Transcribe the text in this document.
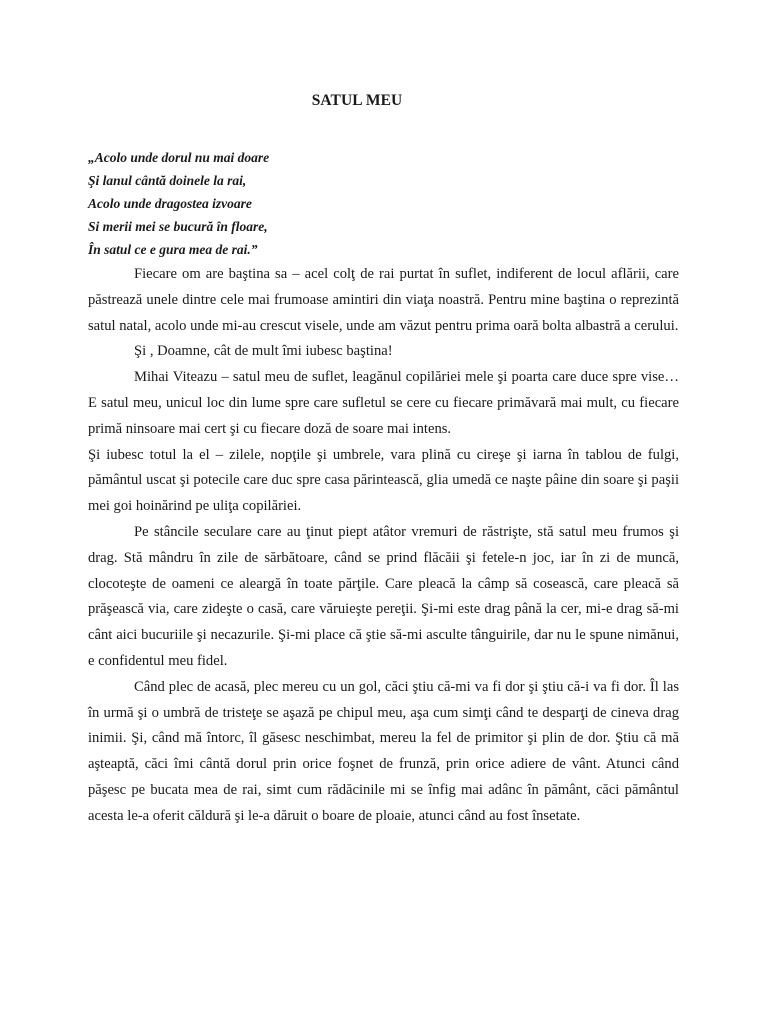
SATUL MEU
„Acolo unde dorul nu mai doare
Şi lanul cântă doinele la rai,
Acolo unde dragostea izvoare
Si merii mei se bucură în floare,
În satul ce e gura mea de rai.”

Fiecare om are baştina sa – acel colţ de rai purtat în suflet, indiferent de locul aflării, care păstrează unele dintre cele mai frumoase amintiri din viaţa noastră. Pentru mine baştina o reprezintă satul natal, acolo unde mi-au crescut visele, unde am văzut pentru prima oară bolta albastră a cerului.

Şi , Doamne, cât de mult îmi iubesc baştina!

Mihai Viteazu – satul meu de suflet, leagănul copilăriei mele şi poarta care duce spre vise…E satul meu, unicul loc din lume spre care sufletul se cere cu fiecare primăvară mai mult, cu fiecare primă ninsoare mai cert şi cu fiecare doză de soare mai intens.

Şi iubesc totul la el – zilele, nopţile şi umbrele, vara plină cu cireşe şi iarna în tablou de fulgi, pământul uscat şi potecile care duc spre casa părintească, glia umedă ce naşte pâine din soare şi paşii mei goi hoinărind pe uliţa copilăriei.

Pe stâncile seculare care au ţinut piept atâtor vremuri de răstrişte, stă satul meu frumos şi drag. Stă mândru în zile de sărbătoare, când se prind flăcăii şi fetele-n joc, iar în zi de muncă, clocoteşte de oameni ce aleargă în toate părţile. Care pleacă la câmp să cosească, care pleacă să prăşească via, care zideşte o casă, care văruieşte pereţii. Şi-mi este drag până la cer, mi-e drag să-mi cânt aici bucuriile şi necazurile. Şi-mi place că ştie să-mi asculte tânguirile, dar nu le spune nimănui, e confidentul meu fidel.

Când plec de acasă, plec mereu cu un gol, căci ştiu că-mi va fi dor şi ştiu că-i va fi dor. Îl las în urmă şi o umbră de tristeţe se aşază pe chipul meu, aşa cum simţi când te desparţi de cineva drag inimii. Şi, când mă întorc, îl găsesc neschimbat, mereu la fel de primitor şi plin de dor. Ştiu că mă aşteaptă, căci îmi cântă dorul prin orice foşnet de frunză, prin orice adiere de vânt. Atunci când păşesc pe bucata mea de rai, simt cum rădăcinile mi se înfig mai adânc în pământ, căci pământul acesta le-a oferit căldură şi le-a dăruit o boare de ploaie, atunci când au fost însetate.
